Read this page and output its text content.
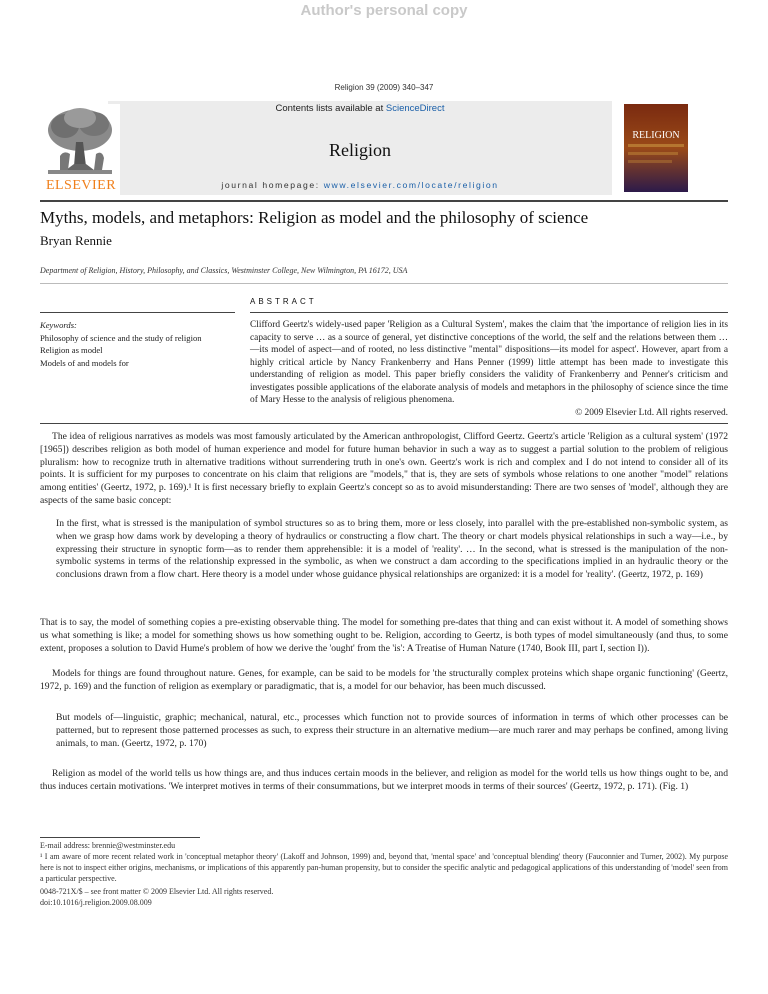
Author's personal copy
Religion 39 (2009) 340–347
Contents lists available at ScienceDirect
Religion
journal homepage: www.elsevier.com/locate/religion
ELSEVIER
RELIGION
Myths, models, and metaphors: Religion as model and the philosophy of science
Bryan Rennie
Department of Religion, History, Philosophy, and Classics, Westminster College, New Wilmington, PA 16172, USA
ABSTRACT
Keywords:
Philosophy of science and the study of religion
Religion as model
Models of and models for
Clifford Geertz's widely-used paper 'Religion as a Cultural System', makes the claim that 'the importance of religion lies in its capacity to serve … as a source of general, yet distinctive conceptions of the world, the self and the relations between them …—its model of aspect—and of rooted, no less distinctive "mental" dispositions—its model for aspect'. However, apart from a highly critical article by Nancy Frankenberry and Hans Penner (1999) little attempt has been made to investigate this understanding of religion as model. This paper briefly considers the validity of Frankenberry and Penner's criticism and investigates possible applications of the elaborate analysis of models and metaphors in the philosophy of science since the time of Mary Hesse to the analysis of religious phenomena.
© 2009 Elsevier Ltd. All rights reserved.

The idea of religious narratives as models was most famously articulated by the American anthropologist, Clifford Geertz. Geertz's article 'Religion as a cultural system' (1972 [1965]) describes religion as both model of human experience and model for future human behavior in such a way as to suggest a partial solution to the problem of religious pluralism: how to recognize truth in alternative traditions without surrendering truth in one's own. Geertz's work is rich and complex and I do not intend to consider all of its points. It is sufficient for my purposes to concentrate on his claim that religions are "models," that is, they are sets of symbols whose relations to one another "model" relations among entities' (Geertz, 1972, p. 169).¹ It is first necessary briefly to explain Geertz's concept so as to avoid misunderstanding: There are two senses of 'model', although they are aspects of the same basic concept:

In the first, what is stressed is the manipulation of symbol structures so as to bring them, more or less closely, into parallel with the pre-established non-symbolic system, as when we grasp how dams work by developing a theory of hydraulics or constructing a flow chart. The theory or chart models physical relationships in such a way—i.e., by expressing their structure in synoptic form—as to render them apprehensible: it is a model of 'reality'. … In the second, what is stressed is the manipulation of the non-symbolic systems in terms of the relationship expressed in the symbolic, as when we construct a dam according to the specifications implied in an hydraulic theory or the conclusions drawn from a flow chart. Here theory is a model under whose guidance physical relationships are organized: it is a model for 'reality'. (Geertz, 1972, p. 169)

That is to say, the model of something copies a pre-existing observable thing. The model for something pre-dates that thing and can exist without it. A model of something shows us what something is like; a model for something shows us how something ought to be. Religion, according to Geertz, is both types of model simultaneously (and thus, to some extent, proposes a solution to David Hume's problem of how we derive the 'ought' from the 'is': A Treatise of Human Nature (1740, Book III, part I, section I)).

Models for things are found throughout nature. Genes, for example, can be said to be models for 'the structurally complex proteins which shape organic functioning' (Geertz, 1972, p. 169) and the function of religion as exemplary or paradigmatic, that is, a model for our behavior, has been much discussed.

But models of—linguistic, graphic; mechanical, natural, etc., processes which function not to provide sources of information in terms of which other processes can be patterned, but to represent those patterned processes as such, to express their structure in an alternative medium—are much rarer and may perhaps be confined, among living animals, to man. (Geertz, 1972, p. 170)

Religion as model of the world tells us how things are, and thus induces certain moods in the believer, and religion as model for the world tells us how things ought to be, and thus induces certain motivations. 'We interpret motives in terms of their consummations, but we interpret moods in terms of their sources' (Geertz, 1972, p. 171). (Fig. 1)

E-mail address: brennie@westminster.edu
¹ I am aware of more recent related work in 'conceptual metaphor theory' (Lakoff and Johnson, 1999) and, beyond that, 'mental space' and 'conceptual blending' theory (Fauconnier and Turner, 2002). My purpose here is not to inspect either origins, mechanisms, or implications of this apparently pan-human propensity, but to consider the specific analytic and pedagogical applications of this understanding of 'model' seen from a particular perspective.
0048-721X/$ – see front matter © 2009 Elsevier Ltd. All rights reserved.
doi:10.1016/j.religion.2009.08.009
